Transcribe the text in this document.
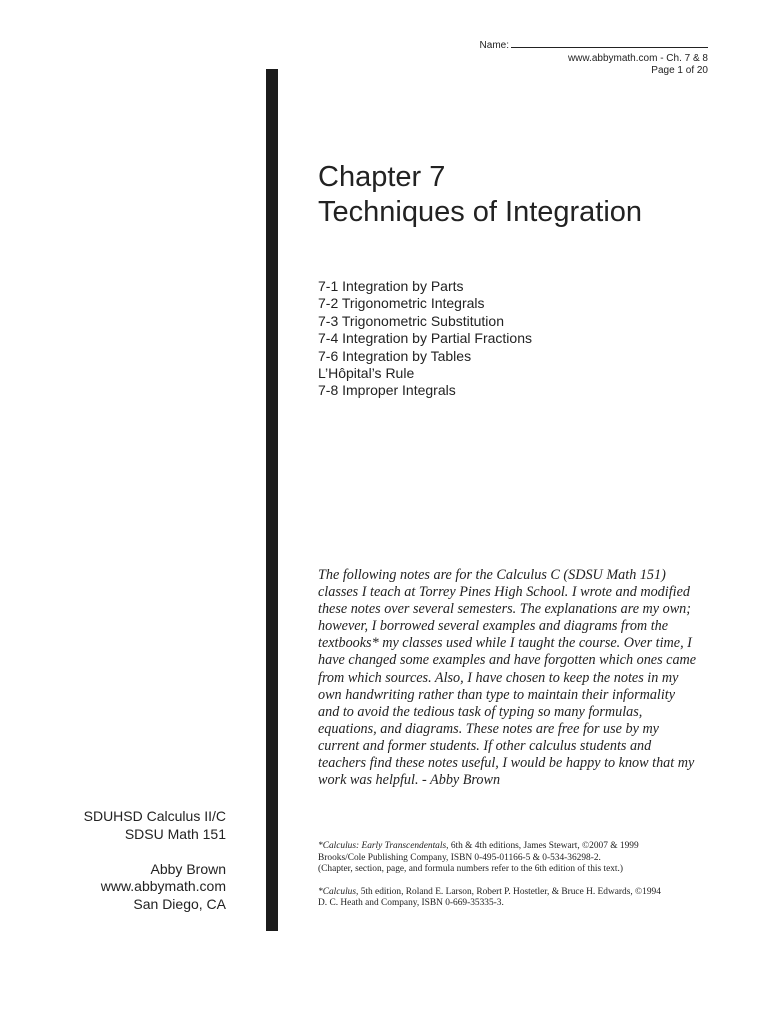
Name:
www.abbymath.com - Ch. 7 & 8
Page 1 of 20
Chapter 7
Techniques of Integration
7-1 Integration by Parts
7-2 Trigonometric Integrals
7-3 Trigonometric Substitution
7-4 Integration by Partial Fractions
7-6 Integration by Tables
L’Hôpital’s Rule
7-8 Improper Integrals

The following notes are for the Calculus C (SDSU Math 151) classes I teach at Torrey Pines High School. I wrote and modified these notes over several semesters. The explanations are my own; however, I borrowed several examples and diagrams from the textbooks* my classes used while I taught the course. Over time, I have changed some examples and have forgotten which ones came from which sources. Also, I have chosen to keep the notes in my own handwriting rather than type to maintain their informality and to avoid the tedious task of typing so many formulas, equations, and diagrams. These notes are free for use by my current and former students. If other calculus students and teachers find these notes useful, I would be happy to know that my work was helpful. - Abby Brown

*Calculus: Early Transcendentals, 6th & 4th editions, James Stewart, ©2007 & 1999
Brooks/Cole Publishing Company, ISBN 0-495-01166-5 & 0-534-36298-2.
(Chapter, section, page, and formula numbers refer to the 6th edition of this text.)

*Calculus, 5th edition, Roland E. Larson, Robert P. Hostetler, & Bruce H. Edwards, ©1994
D. C. Heath and Company, ISBN 0-669-35335-3.

SDUHSD Calculus II/C
SDSU Math 151
Abby Brown
www.abbymath.com
San Diego, CA
